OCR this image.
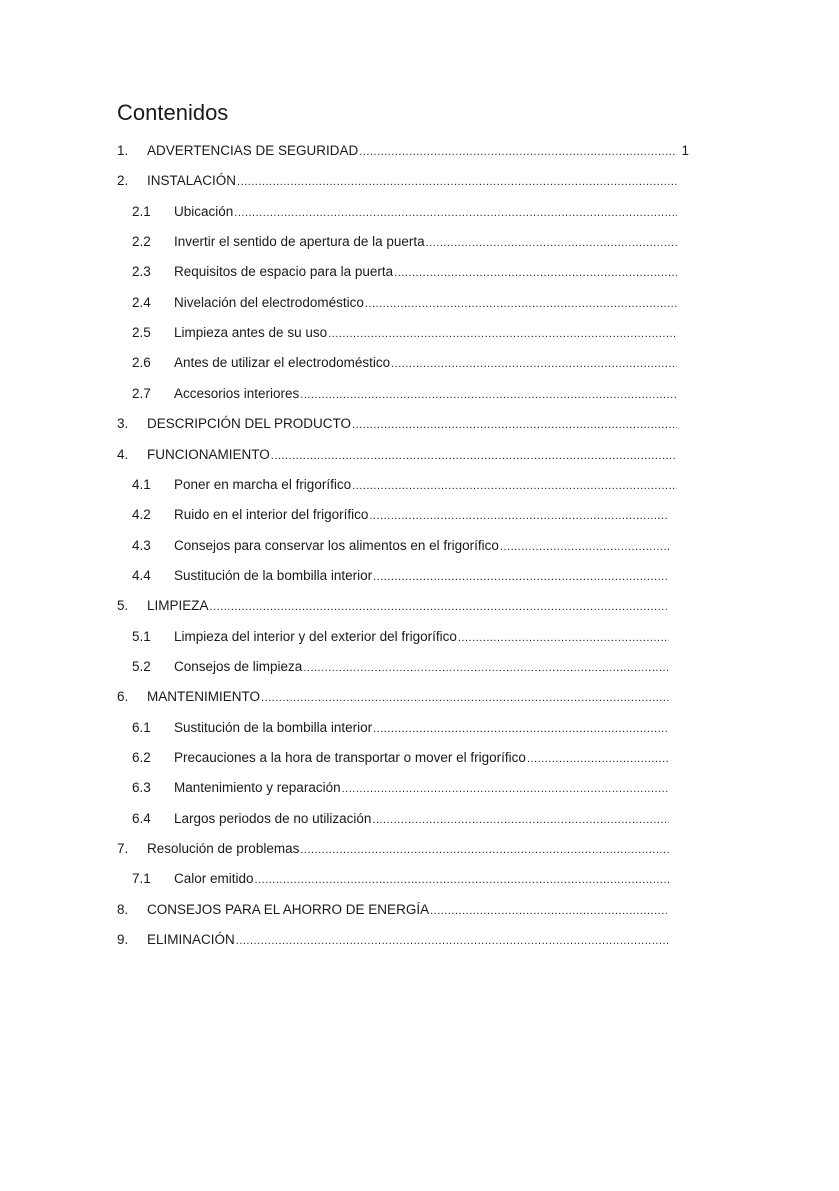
Contenidos
1.	ADVERTENCIAS DE SEGURIDAD
.....	1
2.	INSTALACIÓN
.....
2.1	Ubicación
.....
2.2	Invertir el sentido de apertura de la puerta
.....
2.3	Requisitos de espacio para la puerta
.....
2.4	Nivelación del electrodoméstico
.....
2.5	Limpieza antes de su uso
.....
2.6	Antes de utilizar el electrodoméstico
.....
2.7	Accesorios interiores
.....
3.	DESCRIPCIÓN DEL PRODUCTO
.....
4.	FUNCIONAMIENTO
.....
4.1	Poner en marcha el frigorífico
.....
4.2	Ruido en el interior del frigorífico
.....
4.3	Consejos para conservar los alimentos en el frigorífico
.....
4.4	Sustitución de la bombilla interior
.....
5.	LIMPIEZA
.....
5.1	Limpieza del interior y del exterior del frigorífico
.....
5.2	Consejos de limpieza
.....
6.	MANTENIMIENTO
.....
6.1	Sustitución de la bombilla interior
.....
6.2	Precauciones a la hora de transportar o mover el frigorífico
.....
6.3	Mantenimiento y reparación
.....
6.4	Largos periodos de no utilización
.....
7.	Resolución de problemas
.....
7.1	Calor emitido
.....
8.	CONSEJOS PARA EL AHORRO DE ENERGÍA
.....
9.	ELIMINACIÓN
.....
